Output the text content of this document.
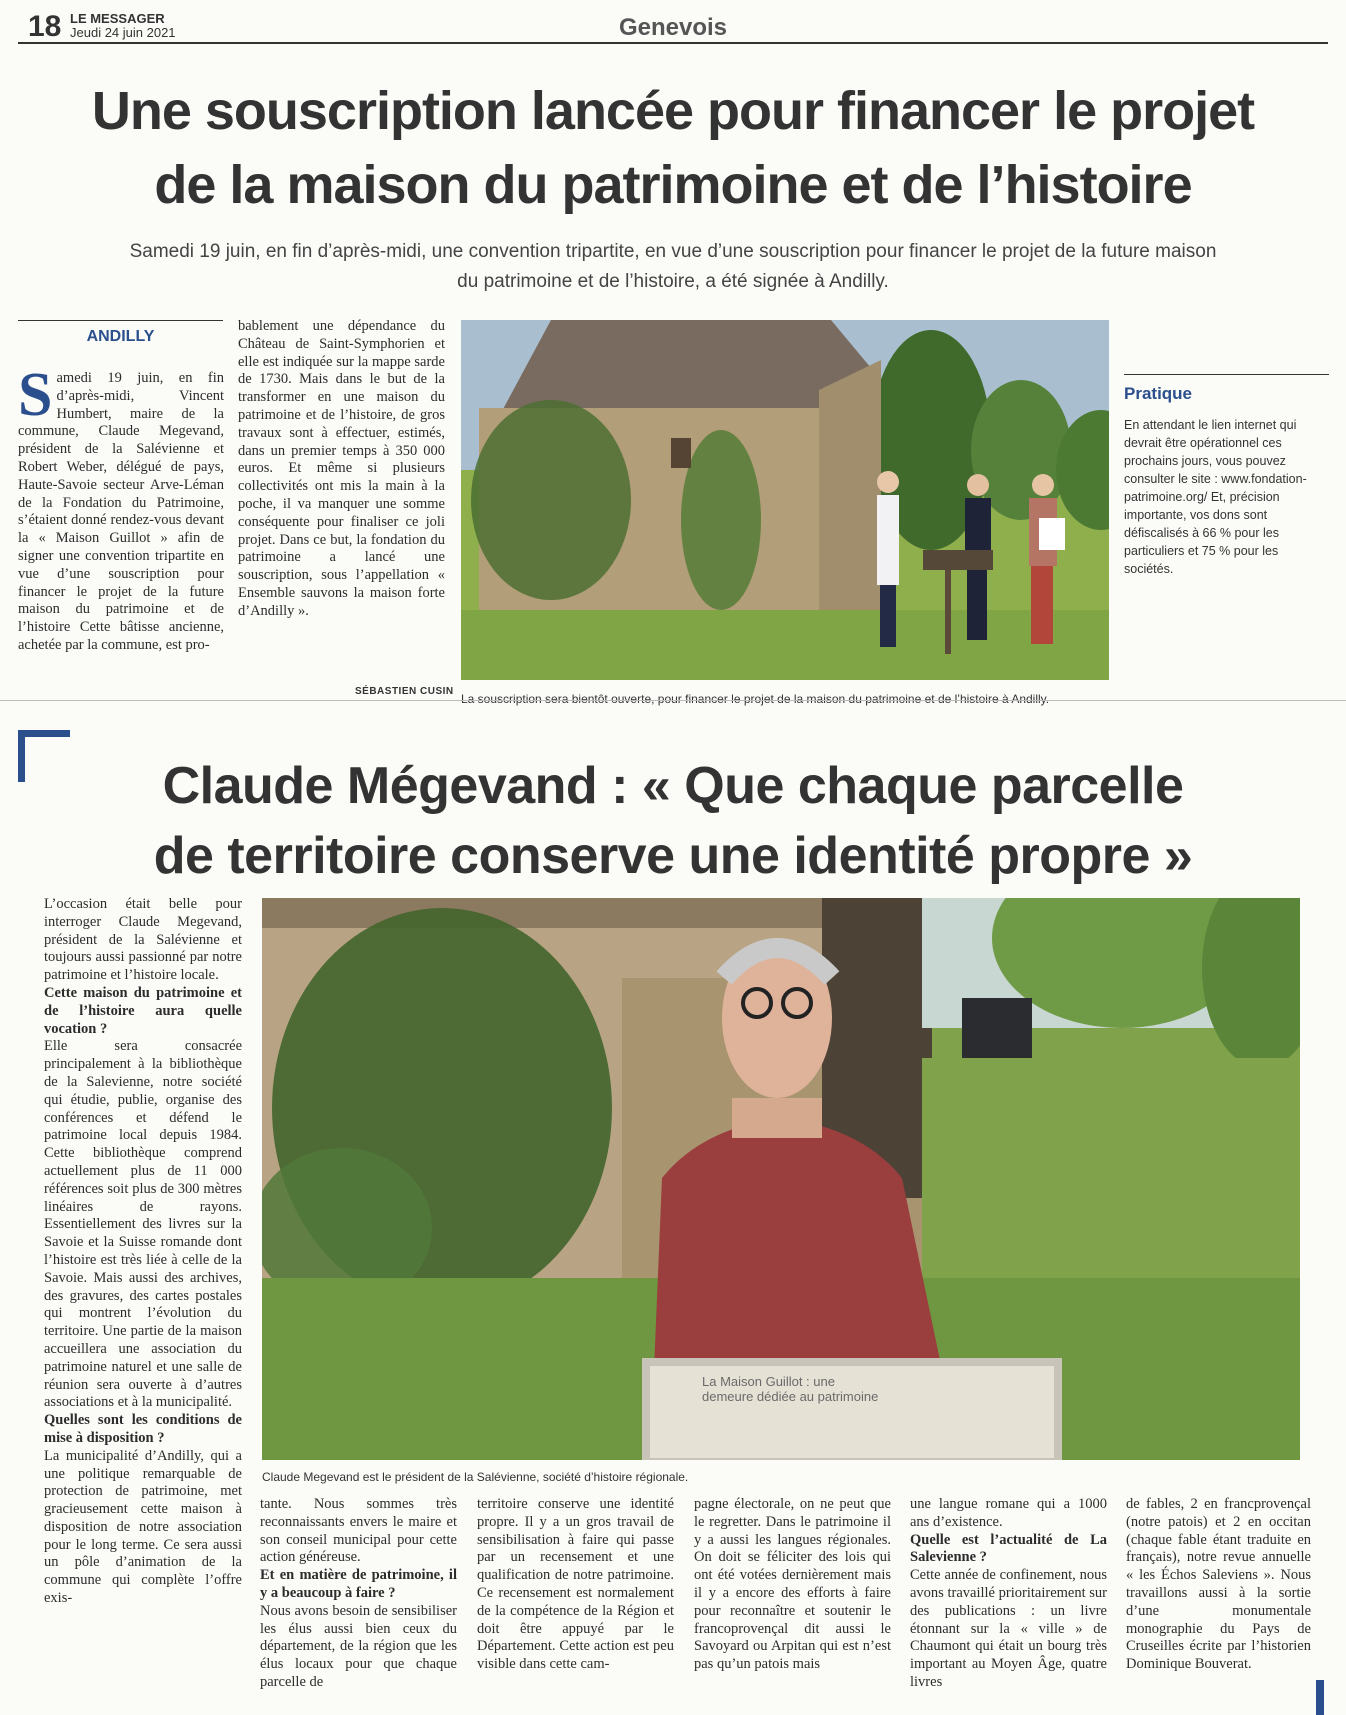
18 LE MESSAGER
Jeudi 24 juin 2021	Genevois
Une souscription lancée pour financer le projet
de la maison du patrimoine et de l’histoire
Samedi 19 juin, en fin d’après-midi, une convention tripartite, en vue d’une souscription pour financer le projet de la future maison
du patrimoine et de l’histoire, a été signée à Andilly.
ANDILLY
Samedi 19 juin, en fin d’après-midi, Vincent Humbert, maire de la commune, Claude Megevand, président de la Salévienne et Robert Weber, délégué de pays, Haute-Savoie secteur Arve-Léman de la Fondation du Patrimoine, s’étaient donné rendez-vous devant la « Maison Guillot » afin de signer une convention tripartite en vue d’une souscription pour financer le projet de la future maison du patrimoine et de l’histoire Cette bâtisse ancienne, achetée par la commune, est pro-
bablement une dépendance du Château de Saint-Symphorien et elle est indiquée sur la mappe sarde de 1730. Mais dans le but de la transformer en une maison du patrimoine et de l’histoire, de gros travaux sont à effectuer, estimés, dans un premier temps à 350 000 euros. Et même si plusieurs collectivités ont mis la main à la poche, il va manquer une somme conséquente pour finaliser ce joli projet. Dans ce but, la fondation du patrimoine a lancé une souscription, sous l’appellation « Ensemble sauvons la maison forte d’Andilly ».
SÉBASTIEN CUSIN
La souscription sera bientôt ouverte, pour financer le projet de la maison du patrimoine et de l’histoire à Andilly.
Pratique
En attendant le lien internet qui devrait être opérationnel ces prochains jours, vous pouvez consulter le site : www.fondation-patrimoine.org/ Et, précision importante, vos dons sont défiscalisés à 66 % pour les particuliers et 75 % pour les sociétés.
Claude Mégevand : « Que chaque parcelle
de territoire conserve une identité propre »

L’occasion était belle pour interroger Claude Megevand, président de la Salévienne et toujours aussi passionné par notre patrimoine et l’histoire locale.

Cette maison du patrimoine et de l’histoire aura quelle vocation ?

Elle sera consacrée principalement à la bibliothèque de la Salevienne, notre société qui étudie, publie, organise des conférences et défend le patrimoine local depuis 1984. Cette bibliothèque comprend actuellement plus de 11 000 références soit plus de 300 mètres linéaires de rayons. Essentiellement des livres sur la Savoie et la Suisse romande dont l’histoire est très liée à celle de la Savoie. Mais aussi des archives, des gravures, des cartes postales qui montrent l’évolution du territoire. Une partie de la maison accueillera une association du patrimoine naturel et une salle de réunion sera ouverte à d’autres associations et à la municipalité.

Quelles sont les conditions de mise à disposition ?

La municipalité d’Andilly, qui a une politique remarquable de protection de patrimoine, met gracieusement cette maison à disposition de notre association pour le long terme. Ce sera aussi un pôle d’animation de la commune qui complète l’offre exis-

La Maison Guillot : une
demeure dédiée au patrimoine
Claude Megevand est le président de la Salévienne, société d’histoire régionale.

tante. Nous sommes très reconnaissants envers le maire et son conseil municipal pour cette action généreuse.

Et en matière de patrimoine, il y a beaucoup à faire ?

Nous avons besoin de sensibiliser les élus aussi bien ceux du département, de la région que les élus locaux pour que chaque parcelle de

territoire conserve une identité propre. Il y a un gros travail de sensibilisation à faire qui passe par un recensement et une qualification de notre patrimoine. Ce recensement est normalement de la compétence de la Région et doit être appuyé par le Département. Cette action est peu visible dans cette cam-
pagne électorale, on ne peut que le regretter. Dans le patrimoine il y a aussi les langues régionales. On doit se féliciter des lois qui ont été votées dernièrement mais il y a encore des efforts à faire pour reconnaître et soutenir le francoprovençal dit aussi le Savoyard ou Arpitan qui est n’est pas qu’un patois mais

une langue romane qui a 1000 ans d’existence.

Quelle est l’actualité de La Salevienne ?

Cette année de confinement, nous avons travaillé prioritairement sur des publications : un livre étonnant sur la « ville » de Chaumont qui était un bourg très important au Moyen Âge, quatre livres

de fables, 2 en francprovençal (notre patois) et 2 en occitan (chaque fable étant traduite en français), notre revue annuelle « les Échos Saleviens ». Nous travaillons aussi à la sortie d’une monumentale monographie du Pays de Cruseilles écrite par l’historien Dominique Bouverat.
